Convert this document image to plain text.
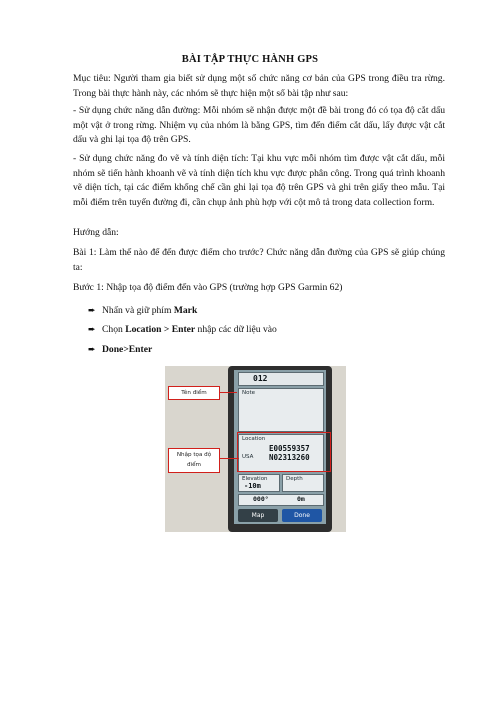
BÀI TẬP THỰC HÀNH GPS

Mục tiêu: Người tham gia biết sử dụng một số chức năng cơ bản của GPS trong điều tra rừng. Trong bài thực hành này, các nhóm sẽ thực hiện một số bài tập như sau:

- Sử dụng chức năng dẫn đường: Mỗi nhóm sẽ nhận được một đề bài trong đó có tọa độ cắt dấu một vật ở trong rừng. Nhiệm vụ của nhóm là bằng GPS, tìm đến điểm cắt dấu, lấy được vật cắt dấu và ghi lại tọa độ trên GPS.

- Sử dụng chức năng đo vẽ và tính diện tích: Tại khu vực mỗi nhóm tìm được vật cắt dấu, mỗi nhóm sẽ tiến hành khoanh vẽ và tính diện tích khu vực được phân công. Trong quá trình khoanh vẽ diện tích, tại các điểm khống chế cần ghi lại tọa độ trên GPS và ghi trên giấy theo mẫu. Tại mỗi điểm trên tuyến đường đi, cần chụp ảnh phù hợp với cột mô tả trong data collection form.

Hướng dẫn:

Bài 1: Làm thế nào để đến được điểm cho trước? Chức năng dẫn đường của GPS sẽ giúp chúng ta:

Bước 1: Nhập tọa độ điểm đến vào GPS (trường hợp GPS Garmin 62)

➨ Nhấn và giữ phím Mark
➨ Chọn Location > Enter nhập các dữ liệu vào
➨ Done>Enter
012
Note
Location
E00559357
USA N02313260
Elevation
-10m
Depth
000°	0m
Map	Done
Tên điểm
Nhập tọa độ điểm
